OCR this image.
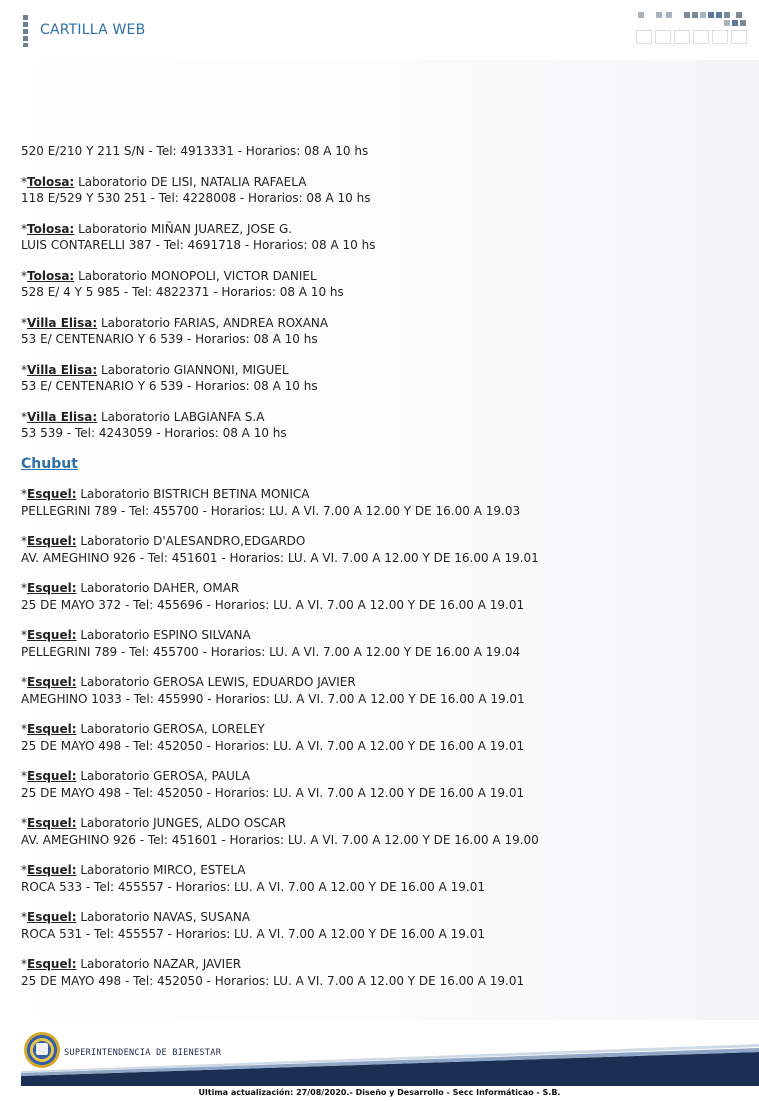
CARTILLA WEB
520 E/210 Y 211 S/N - Tel: 4913331 - Horarios: 08 A 10 hs
*Tolosa: Laboratorio DE LISI, NATALIA RAFAELA
118 E/529 Y 530 251 - Tel: 4228008 - Horarios: 08 A 10 hs
*Tolosa: Laboratorio MIÑAN JUAREZ, JOSE G.
LUIS CONTARELLI 387 - Tel: 4691718 - Horarios: 08 A 10 hs
*Tolosa: Laboratorio MONOPOLI, VICTOR DANIEL
528 E/ 4 Y 5 985 - Tel: 4822371 - Horarios: 08 A 10 hs
*Villa Elisa: Laboratorio FARIAS, ANDREA ROXANA
53 E/ CENTENARIO Y 6 539 - Horarios: 08 A 10 hs
*Villa Elisa: Laboratorio GIANNONI, MIGUEL
53 E/ CENTENARIO Y 6 539 - Horarios: 08 A 10 hs
*Villa Elisa: Laboratorio LABGIANFA S.A
53 539 - Tel: 4243059 - Horarios: 08 A 10 hs
Chubut
*Esquel: Laboratorio BISTRICH BETINA MONICA
PELLEGRINI 789 - Tel: 455700 - Horarios: LU. A VI. 7.00 A 12.00 Y DE 16.00 A 19.03
*Esquel: Laboratorio D'ALESANDRO,EDGARDO
AV. AMEGHINO 926 - Tel: 451601 - Horarios: LU. A VI. 7.00 A 12.00 Y DE 16.00 A 19.01
*Esquel: Laboratorio DAHER, OMAR
25 DE MAYO 372 - Tel: 455696 - Horarios: LU. A VI. 7.00 A 12.00 Y DE 16.00 A 19.01
*Esquel: Laboratorio ESPINO SILVANA
PELLEGRINI 789 - Tel: 455700 - Horarios: LU. A VI. 7.00 A 12.00 Y DE 16.00 A 19.04
*Esquel: Laboratorio GEROSA LEWIS, EDUARDO JAVIER
AMEGHINO 1033 - Tel: 455990 - Horarios: LU. A VI. 7.00 A 12.00 Y DE 16.00 A 19.01
*Esquel: Laboratorio GEROSA, LORELEY
25 DE MAYO 498 - Tel: 452050 - Horarios: LU. A VI. 7.00 A 12.00 Y DE 16.00 A 19.01
*Esquel: Laboratorio GEROSA, PAULA
25 DE MAYO 498 - Tel: 452050 - Horarios: LU. A VI. 7.00 A 12.00 Y DE 16.00 A 19.01
*Esquel: Laboratorio JUNGES, ALDO OSCAR
AV. AMEGHINO 926 - Tel: 451601 - Horarios: LU. A VI. 7.00 A 12.00 Y DE 16.00 A 19.00
*Esquel: Laboratorio MIRCO, ESTELA
ROCA 533 - Tel: 455557 - Horarios: LU. A VI. 7.00 A 12.00 Y DE 16.00 A 19.01
*Esquel: Laboratorio NAVAS, SUSANA
ROCA 531 - Tel: 455557 - Horarios: LU. A VI. 7.00 A 12.00 Y DE 16.00 A 19.01
*Esquel: Laboratorio NAZAR, JAVIER
25 DE MAYO 498 - Tel: 452050 - Horarios: LU. A VI. 7.00 A 12.00 Y DE 16.00 A 19.01
SUPERINTENDENCIA DE BIENESTAR
Ultima actualización: 27/08/2020.- Diseño y Desarrollo - Secc Informáticao - S.B.
